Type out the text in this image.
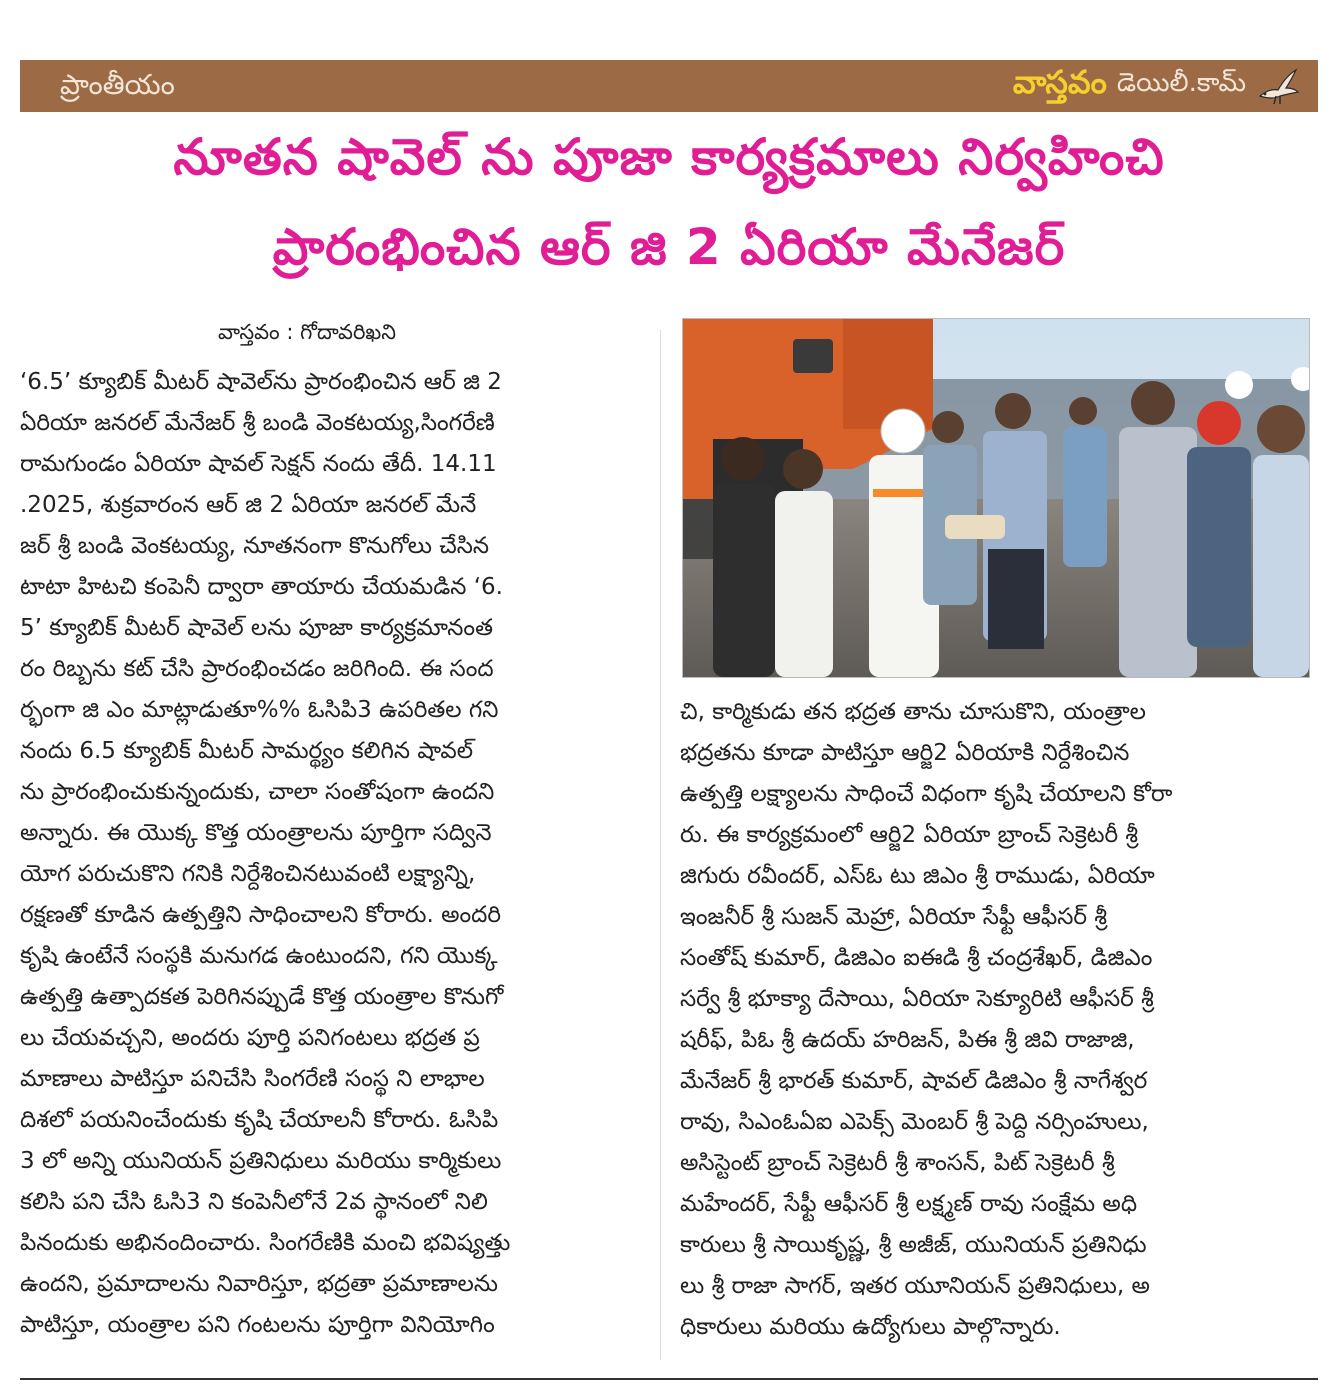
ప్రాంతీయం	వాస్తవం డెయిలీ.కామ్
నూతన షావెల్ ను పూజా కార్యక్రమాలు నిర్వహించి
ప్రారంభించిన ఆర్ జి 2 ఏరియా మేనేజర్
వాస్తవం : గోదావరిఖని
‘6.5’ క్యూబిక్ మీటర్ షావెల్‌ను ప్రారంభించిన ఆర్ జి 2
ఏరియా జనరల్ మేనేజర్ శ్రీ బండి వెంకటయ్య,సింగరేణి
రామగుండం ఏరియా షావల్ సెక్షన్ నందు తేదీ. 14.11
.2025, శుక్రవారంన ఆర్ జి 2 ఏరియా జనరల్ మేనే
జర్ శ్రీ బండి వెంకటయ్య, నూతనంగా కొనుగోలు చేసిన
టాటా హిటచి కంపెనీ ద్వారా తాయారు చేయమడిన ‘6.
5’ క్యూబిక్ మీటర్ షావెల్ లను పూజా కార్యక్రమానంత
రం రిబ్బను కట్ చేసి ప్రారంభించడం జరిగింది. ఈ సంద
ర్భంగా జి ఎం మాట్లాడుతూ%% ఓసిపి3 ఉపరితల గని
నందు 6.5 క్యూబిక్ మీటర్ సామర్థ్యం కలిగిన షావల్
ను ప్రారంభించుకున్నందుకు, చాలా సంతోషంగా ఉందని
అన్నారు. ఈ యొక్క కొత్త యంత్రాలను పూర్తిగా సద్వినె
యోగ పరుచుకొని గనికి నిర్దేశించినటువంటి లక్ష్యాన్ని,
రక్షణతో కూడిన ఉత్పత్తిని సాధించాలని కోరారు. అందరి
కృషి ఉంటేనే సంస్థకి మనుగడ ఉంటుందని, గని యొక్క
ఉత్పత్తి ఉత్పాదకత పెరిగినప్పుడే కొత్త యంత్రాల కొనుగో
లు చేయవచ్చని, అందరు పూర్తి పనిగంటలు భద్రత ప్ర
మాణాలు పాటిస్తూ పనిచేసి సింగరేణి సంస్థ ని లాభాల
దిశలో పయనించేందుకు కృషి చేయాలనీ కోరారు. ఓసిపి
3 లో అన్ని యునియన్ ప్రతినిధులు మరియు కార్మికులు
కలిసి పని చేసి ఓసి3 ని కంపెనీలోనే 2వ స్థానంలో నిలి
పినందుకు అభినందించారు. సింగరేణికి మంచి భవిష్యత్తు
ఉందని, ప్రమాదాలను నివారిస్తూ, భద్రతా ప్రమాణాలను
పాటిస్తూ, యంత్రాల పని గంటలను పూర్తిగా వినియోగిం
చి, కార్మికుడు తన భద్రత తాను చూసుకొని, యంత్రాల
భద్రతను కూడా పాటిస్తూ ఆర్జి2 ఏరియాకి నిర్దేశించిన
ఉత్పత్తి లక్ష్యాలను సాధించే విధంగా కృషి చేయాలని కోరా
రు. ఈ కార్యక్రమంలో ఆర్జి2 ఏరియా బ్రాంచ్ సెక్రెటరీ శ్రీ
జిగురు రవీందర్, ఎస్ఓ టు జిఎం శ్రీ రాముడు, ఏరియా
ఇంజనీర్ శ్రీ సుజన్ మెహ్రా, ఏరియా సేఫ్టీ ఆఫీసర్ శ్రీ
సంతోష్ కుమార్, డిజిఎం ఐఈడి శ్రీ చంద్రశేఖర్, డిజిఎం
సర్వే శ్రీ భూక్యా దేసాయి, ఏరియా సెక్యూరిటి ఆఫీసర్ శ్రీ
షరీఫ్, పిఓ శ్రీ ఉదయ్ హరిజన్, పిఈ శ్రీ జివి రాజాజి,
మేనేజర్ శ్రీ భారత్ కుమార్, షావల్ డిజిఎం శ్రీ నాగేశ్వర
రావు, సిఎంఓఏఐ ఎపెక్స్ మెంబర్ శ్రీ పెద్ది నర్సింహులు,
అసిస్టెంట్ బ్రాంచ్ సెక్రెటరీ శ్రీ శాంసన్, పిట్ సెక్రెటరీ శ్రీ
మహేందర్, సేఫ్టీ ఆఫీసర్ శ్రీ లక్ష్మణ్ రావు సంక్షేమ అధి
కారులు శ్రీ సాయికృష్ణ, శ్రీ అజీజ్, యునియన్ ప్రతినిధు
లు శ్రీ రాజా సాగర్, ఇతర యూనియన్ ప్రతినిధులు, అ
ధికారులు మరియు ఉద్యోగులు పాల్గొన్నారు.
